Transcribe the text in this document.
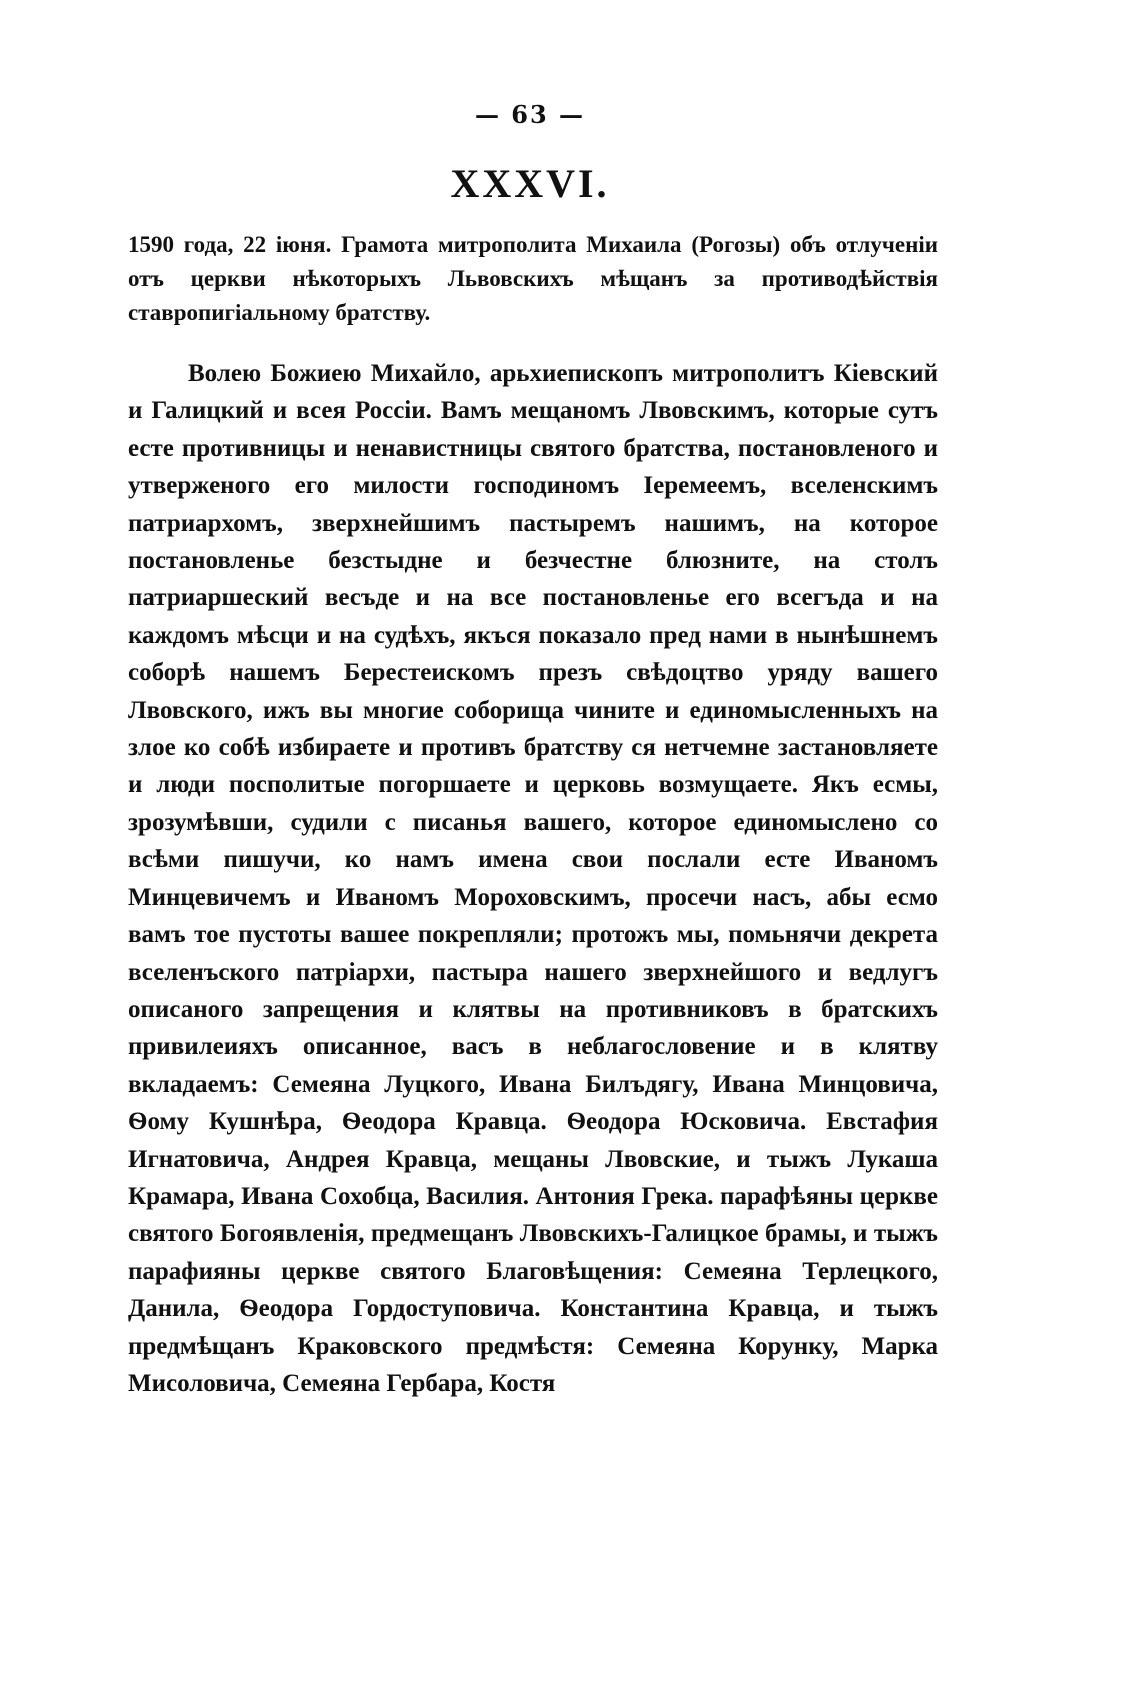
— 63 —
XXXVI.

1590 года, 22 іюня. Грамота митрополита Михаила (Рогозы) объ отлученіи отъ церкви нѣкоторыхъ Львовскихъ мѣщанъ за противодѣйствія ставропигіальному братству.

Волею Божиею Михайло, арьхиепископъ митрополитъ Кіевский и Галицкий и всея Россіи. Вамъ мещаномъ Лвовскимъ, которые сутъ есте противницы и ненавистницы святого братства, постановленого и утверженого его милости господиномъ Іеремеемъ, вселенскимъ патриархомъ, зверхнейшимъ пастыремъ нашимъ, на которое постановленье безстыдне и безчестне блюзните, на столъ патриаршеский весъде и на все постановленье его всегъда и на каждомъ мѣсци и на судѣхъ, якъся показало пред нами в нынѣшнемъ соборѣ нашемъ Берестеискомъ презъ свѣдоцтво уряду вашего Лвовского, ижъ вы многие соборища чините и единомысленныхъ на злое ко собѣ избираете и противъ братству ся нетчемне застановляете и люди посполитые погоршаете и церковь возмущаете. Якъ есмы, зрозумѣвши, судили с писанья вашего, которое единомыслено со всѣми пишучи, ко намъ имена свои послали есте Иваномъ Минцевичемъ и Иваномъ Мороховскимъ, просечи насъ, абы есмо вамъ тое пустоты вашее покрепляли; протожъ мы, помьнячи декрета вселенъского патріархи, пастыра нашего зверхнейшого и ведлугъ описаного запрещения и клятвы на противниковъ в братскихъ привилеияхъ описанное, васъ в неблагословение и в клятву вкладаемъ: Семеяна Луцкого, Ивана Билъдягу, Ивана Минцовича, Ѳому Кушнѣра, Ѳеодора Кравца. Ѳеодора Юсковича. Евстафия Игнатовича, Андрея Кравца, мещаны Лвовские, и тыжъ Лукаша Крамара, Ивана Сохобца, Василия. Антония Грека. парафѣяны церкве святого Богоявленія, предмещанъ Лвовскихъ-Галицкое брамы, и тыжъ парафияны церкве святого Благовѣщения: Семеяна Терлецкого, Данила, Ѳеодора Гордоступовича. Константина Кравца, и тыжъ предмѣщанъ Краковского предмѣстя: Семеяна Корунку, Марка Мисоловича, Семеяна Гербара, Костя
